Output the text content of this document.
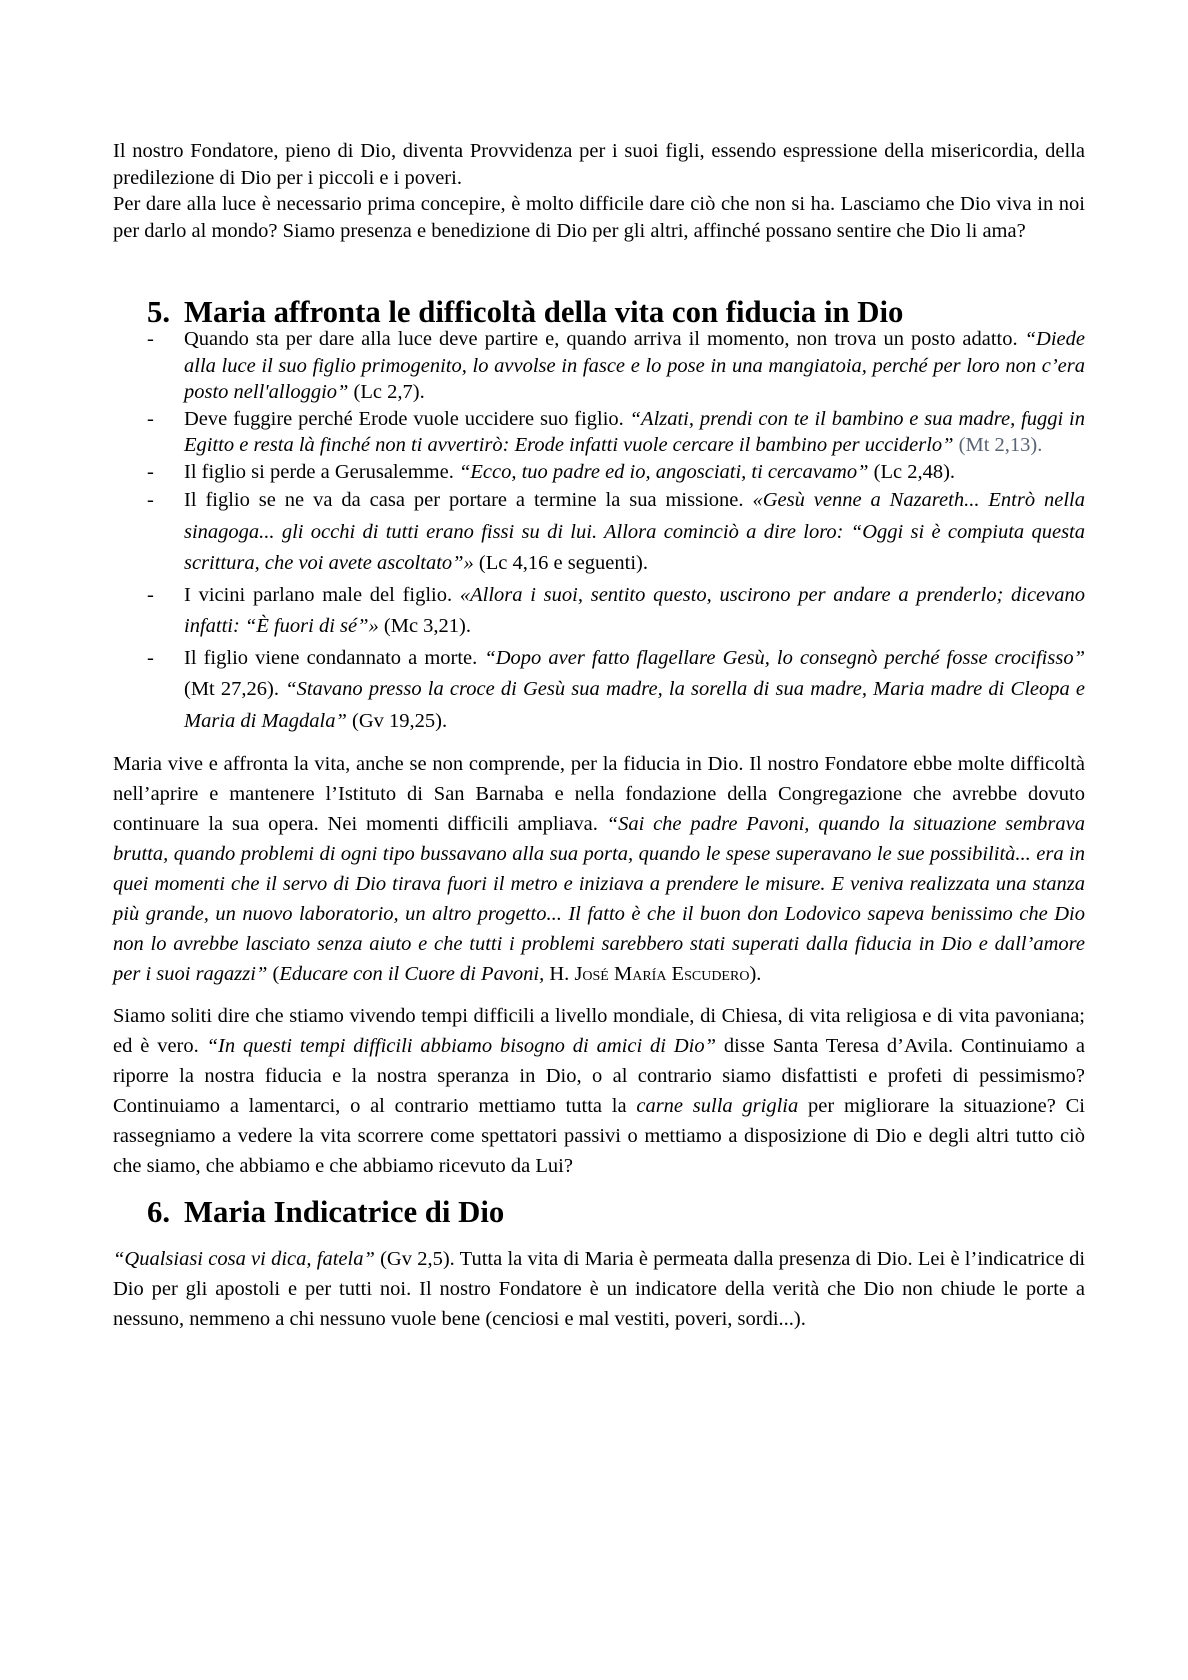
Il nostro Fondatore, pieno di Dio, diventa Provvidenza per i suoi figli, essendo espressione della misericordia, della predilezione di Dio per i piccoli e i poveri.

Per dare alla luce è necessario prima concepire, è molto difficile dare ciò che non si ha. Lasciamo che Dio viva in noi per darlo al mondo? Siamo presenza e benedizione di Dio per gli altri, affinché possano sentire che Dio li ama?

5. Maria affronta le difficoltà della vita con fiducia in Dio
-	Quando sta per dare alla luce deve partire e, quando arriva il momento, non trova un posto adatto. “Diede alla luce il suo figlio primogenito, lo avvolse in fasce e lo pose in una mangiatoia, perché per loro non c’era posto nell'alloggio” (Lc 2,7).
-	Deve fuggire perché Erode vuole uccidere suo figlio. “Alzati, prendi con te il bambino e sua madre, fuggi in Egitto e resta là finché non ti avvertirò: Erode infatti vuole cercare il bambino per ucciderlo” (Mt 2,13).
-	Il figlio si perde a Gerusalemme. “Ecco, tuo padre ed io, angosciati, ti cercavamo” (Lc 2,48).
-	Il figlio se ne va da casa per portare a termine la sua missione. «Gesù venne a Nazareth... Entrò nella sinagoga... gli occhi di tutti erano fissi su di lui. Allora cominciò a dire loro: “Oggi si è compiuta questa scrittura, che voi avete ascoltato”» (Lc 4,16 e seguenti).
-	I vicini parlano male del figlio. «Allora i suoi, sentito questo, uscirono per andare a prenderlo; dicevano infatti: “È fuori di sé”» (Mc 3,21).
-	Il figlio viene condannato a morte. “Dopo aver fatto flagellare Gesù, lo consegnò perché fosse crocifisso” (Mt 27,26). “Stavano presso la croce di Gesù sua madre, la sorella di sua madre, Maria madre di Cleopa e Maria di Magdala” (Gv 19,25).

Maria vive e affronta la vita, anche se non comprende, per la fiducia in Dio. Il nostro Fondatore ebbe molte difficoltà nell’aprire e mantenere l’Istituto di San Barnaba e nella fondazione della Congregazione che avrebbe dovuto continuare la sua opera. Nei momenti difficili ampliava. “Sai che padre Pavoni, quando la situazione sembrava brutta, quando problemi di ogni tipo bussavano alla sua porta, quando le spese superavano le sue possibilità... era in quei momenti che il servo di Dio tirava fuori il metro e iniziava a prendere le misure. E veniva realizzata una stanza più grande, un nuovo laboratorio, un altro progetto... Il fatto è che il buon don Lodovico sapeva benissimo che Dio non lo avrebbe lasciato senza aiuto e che tutti i problemi sarebbero stati superati dalla fiducia in Dio e dall’amore per i suoi ragazzi” (Educare con il Cuore di Pavoni, H. José María Escudero).

Siamo soliti dire che stiamo vivendo tempi difficili a livello mondiale, di Chiesa, di vita religiosa e di vita pavoniana; ed è vero. “In questi tempi difficili abbiamo bisogno di amici di Dio” disse Santa Teresa d’Avila. Continuiamo a riporre la nostra fiducia e la nostra speranza in Dio, o al contrario siamo disfattisti e profeti di pessimismo? Continuiamo a lamentarci, o al contrario mettiamo tutta la carne sulla griglia per migliorare la situazione? Ci rassegniamo a vedere la vita scorrere come spettatori passivi o mettiamo a disposizione di Dio e degli altri tutto ciò che siamo, che abbiamo e che abbiamo ricevuto da Lui?

6. Maria Indicatrice di Dio

“Qualsiasi cosa vi dica, fatela” (Gv 2,5). Tutta la vita di Maria è permeata dalla presenza di Dio. Lei è l’indicatrice di Dio per gli apostoli e per tutti noi. Il nostro Fondatore è un indicatore della verità che Dio non chiude le porte a nessuno, nemmeno a chi nessuno vuole bene (cenciosi e mal vestiti, poveri, sordi...).
